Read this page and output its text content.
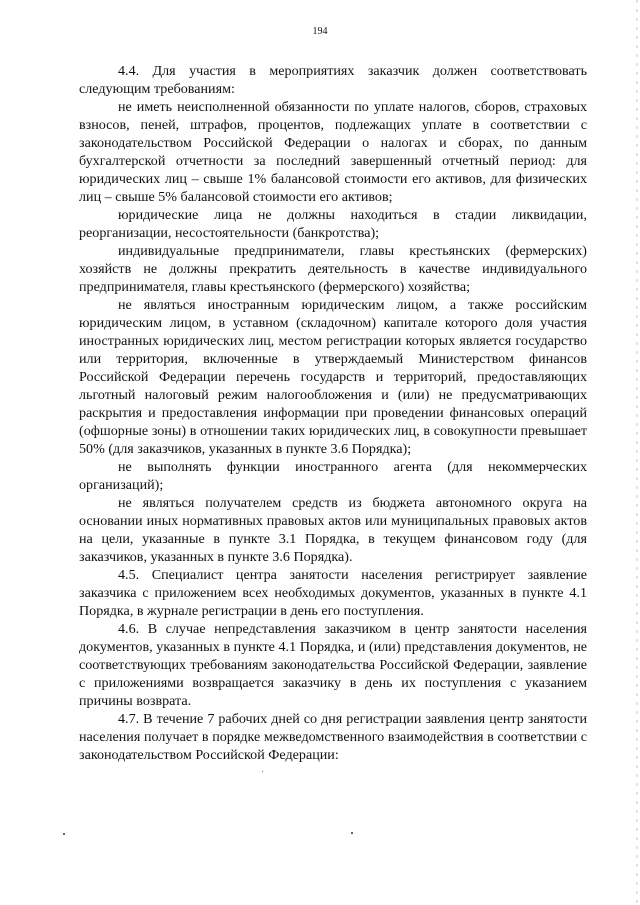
194

4.4. Для участия в мероприятиях заказчик должен соответствовать следующим требованиям:

не иметь неисполненной обязанности по уплате налогов, сборов, страховых взносов, пеней, штрафов, процентов, подлежащих уплате в соответствии с законодательством Российской Федерации о налогах и сборах, по данным бухгалтерской отчетности за последний завершенный отчетный период: для юридических лиц – свыше 1% балансовой стоимости его активов, для физических лиц – свыше 5% балансовой стоимости его активов;

юридические лица не должны находиться в стадии ликвидации, реорганизации, несостоятельности (банкротства);

индивидуальные предприниматели, главы крестьянских (фермерских) хозяйств не должны прекратить деятельность в качестве индивидуального предпринимателя, главы крестьянского (фермерского) хозяйства;

не являться иностранным юридическим лицом, а также российским юридическим лицом, в уставном (складочном) капитале которого доля участия иностранных юридических лиц, местом регистрации которых является государство или территория, включенные в утверждаемый Министерством финансов Российской Федерации перечень государств и территорий, предоставляющих льготный налоговый режим налогообложения и (или) не предусматривающих раскрытия и предоставления информации при проведении финансовых операций (офшорные зоны) в отношении таких юридических лиц, в совокупности превышает 50% (для заказчиков, указанных в пункте 3.6 Порядка);

не выполнять функции иностранного агента (для некоммерческих организаций);

не являться получателем средств из бюджета автономного округа на основании иных нормативных правовых актов или муниципальных правовых актов на цели, указанные в пункте 3.1 Порядка, в текущем финансовом году (для заказчиков, указанных в пункте 3.6 Порядка).

4.5. Специалист центра занятости населения регистрирует заявление заказчика с приложением всех необходимых документов, указанных в пункте 4.1 Порядка, в журнале регистрации в день его поступления.

4.6. В случае непредставления заказчиком в центр занятости населения документов, указанных в пункте 4.1 Порядка, и (или) представления документов, не соответствующих требованиям законодательства Российской Федерации, заявление с приложениями возвращается заказчику в день их поступления с указанием причины возврата.

4.7. В течение 7 рабочих дней со дня регистрации заявления центр занятости населения получает в порядке межведомственного взаимодействия в соответствии с законодательством Российской Федерации:
